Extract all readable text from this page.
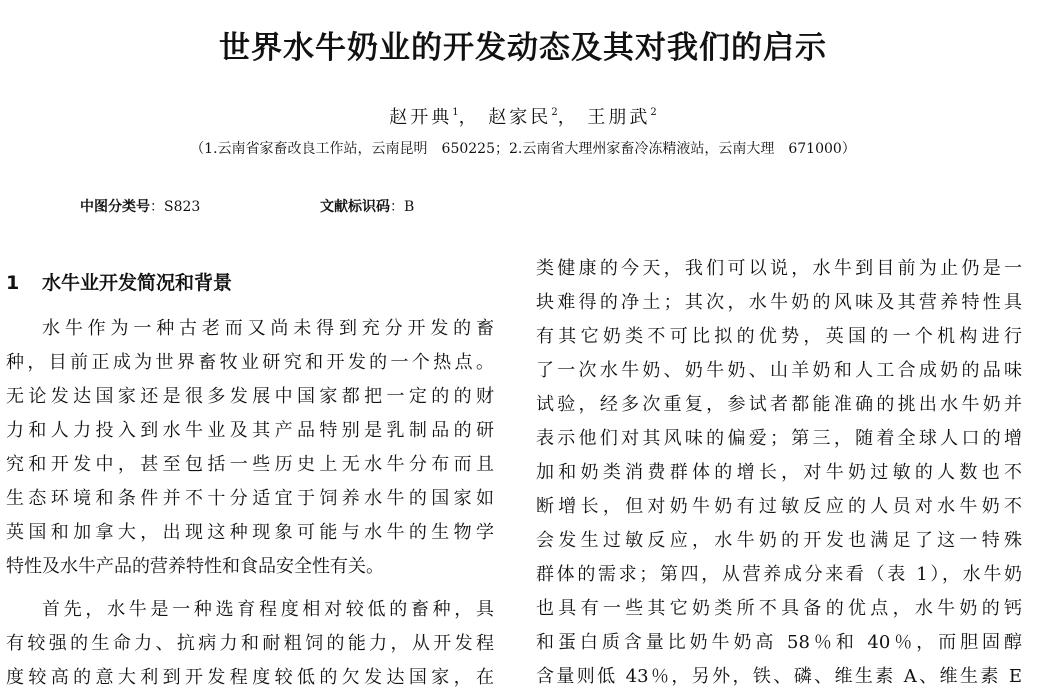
世界水牛奶业的开发动态及其对我们的启示
赵开典$^1$， 赵家民$^2$， 王朋武$^2$
（1.云南省家畜改良工作站，云南昆明　650225；2.云南省大理州家畜冷冻精液站，云南大理　671000）
中图分类号：S823	文献标识码：B
1 水牛业开发简况和背景
水牛作为一种古老而又尚未得到充分开发的畜
种，目前正成为世界畜牧业研究和开发的一个热点。
无论发达国家还是很多发展中国家都把一定的的财
力和人力投入到水牛业及其产品特别是乳制品的研
究和开发中，甚至包括一些历史上无水牛分布而且
生态环境和条件并不十分适宜于饲养水牛的国家如
英国和加拿大，出现这种现象可能与水牛的生物学
特性及水牛产品的营养特性和食品安全性有关。
首先，水牛是一种选育程度相对较低的畜种，具
有较强的生命力、抗病力和耐粗饲的能力，从开发程
度较高的意大利到开发程度较低的欠发达国家，在
类健康的今天，我们可以说，水牛到目前为止仍是一
块难得的净土；其次，水牛奶的风味及其营养特性具
有其它奶类不可比拟的优势，英国的一个机构进行
了一次水牛奶、奶牛奶、山羊奶和人工合成奶的品味
试验，经多次重复，参试者都能准确的挑出水牛奶并
表示他们对其风味的偏爱；第三，随着全球人口的增
加和奶类消费群体的增长，对牛奶过敏的人数也不
断增长，但对奶牛奶有过敏反应的人员对水牛奶不
会发生过敏反应，水牛奶的开发也满足了这一特殊
群体的需求；第四，从营养成分来看（表 1），水牛奶
也具有一些其它奶类所不具备的优点，水牛奶的钙
和蛋白质含量比奶牛奶高 58％和 40％，而胆固醇
含量则低 43％，另外，铁、磷、维生素 A、维生素 E
